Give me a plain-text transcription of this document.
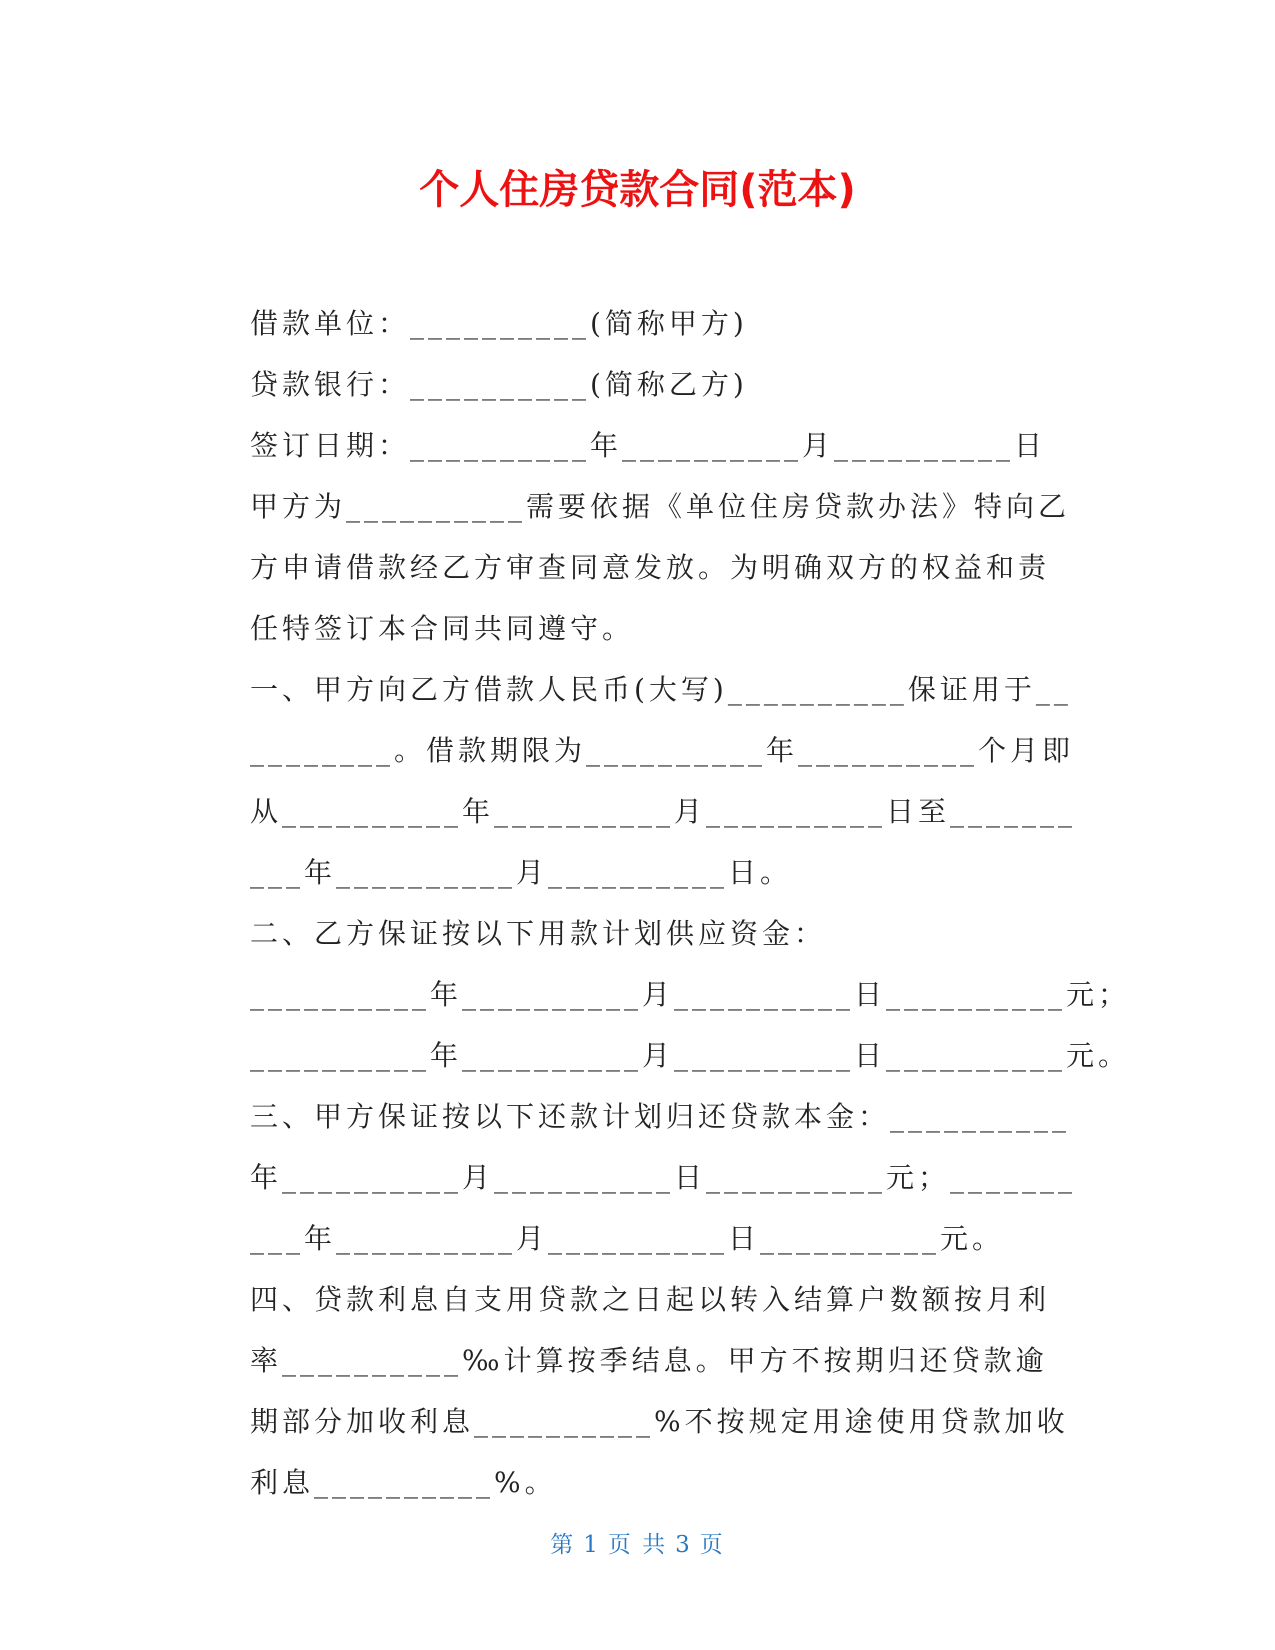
个人住房贷款合同(范本)

借款单位：__________(简称甲方)

贷款银行：__________(简称乙方)

签订日期：__________年__________月__________日

甲方为__________需要依据《单位住房贷款办法》特向乙方申请借款经乙方审查同意发放。为明确双方的权益和责任特签订本合同共同遵守。

一、甲方向乙方借款人民币(大写)__________保证用于__________。借款期限为__________年__________个月即从__________年__________月__________日至__________年__________月__________日。

二、乙方保证按以下用款计划供应资金：

__________年__________月__________日__________元；

__________年__________月__________日__________元。

三、甲方保证按以下还款计划归还贷款本金：__________年__________月__________日__________元；__________年__________月__________日__________元。

四、贷款利息自支用贷款之日起以转入结算户数额按月利率__________‰计算按季结息。甲方不按期归还贷款逾期部分加收利息__________%不按规定用途使用贷款加收利息__________%。

第 1 页 共 3 页
